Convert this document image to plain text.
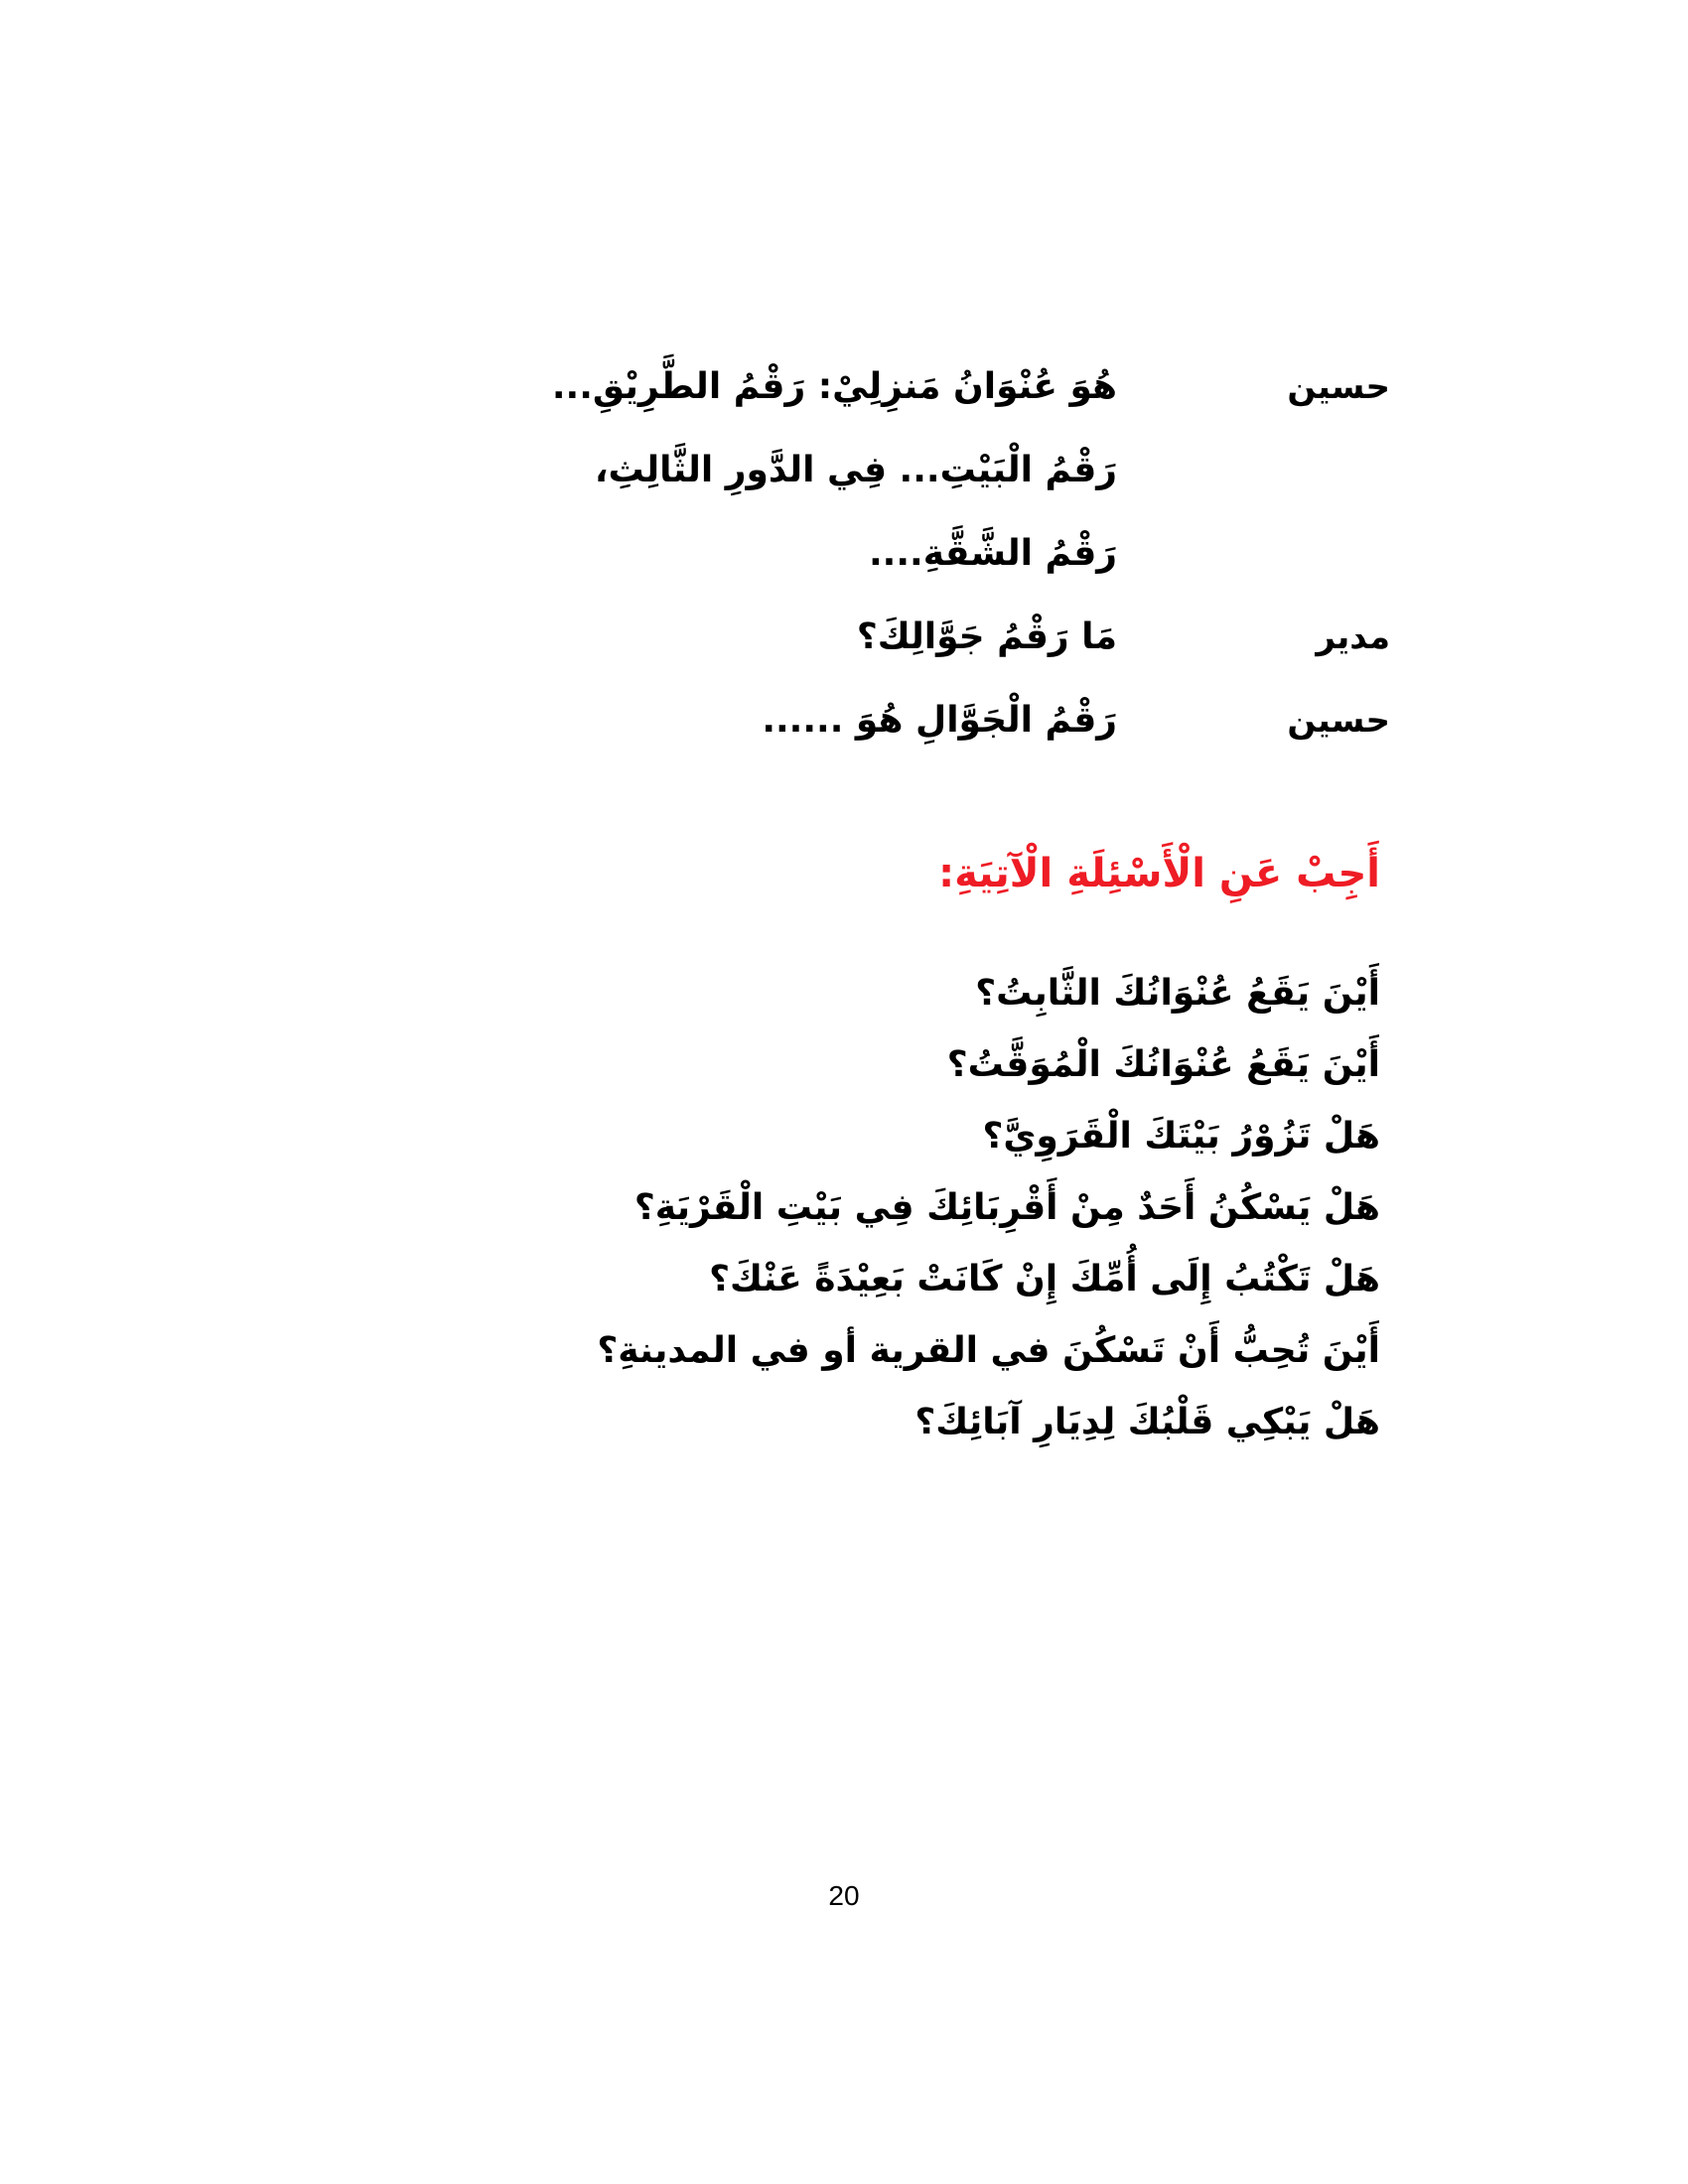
حسين
هُوَ عُنْوَانُ مَنزِلِيْ: رَقْمُ الطَّرِيْقِ...
رَقْمُ الْبَيْتِ... فِي الدَّورِ الثَّالِثِ،
رَقْمُ الشَّقَّةِ....
مدير
مَا رَقْمُ جَوَّالِكَ؟
حسين
رَقْمُ الْجَوَّالِ هُوَ ......
أَجِبْ عَنِ الْأَسْئِلَةِ الْآتِيَةِ:
أَيْنَ يَقَعُ عُنْوَانُكَ الثَّابِتُ؟
أَيْنَ يَقَعُ عُنْوَانُكَ الْمُوَقَّتُ؟
هَلْ تَزُوْرُ بَيْتَكَ الْقَرَوِيَّ؟
هَلْ يَسْكُنُ أَحَدٌ مِنْ أَقْرِبَائِكَ فِي بَيْتِ الْقَرْيَةِ؟
هَلْ تَكْتُبُ إِلَى أُمِّكَ إِنْ كَانَتْ بَعِيْدَةً عَنْكَ؟
أَيْنَ تُحِبُّ أَنْ تَسْكُنَ في القرية أو في المدينةِ؟
هَلْ يَبْكِي قَلْبُكَ لِدِيَارِ آبَائِكَ؟
20
